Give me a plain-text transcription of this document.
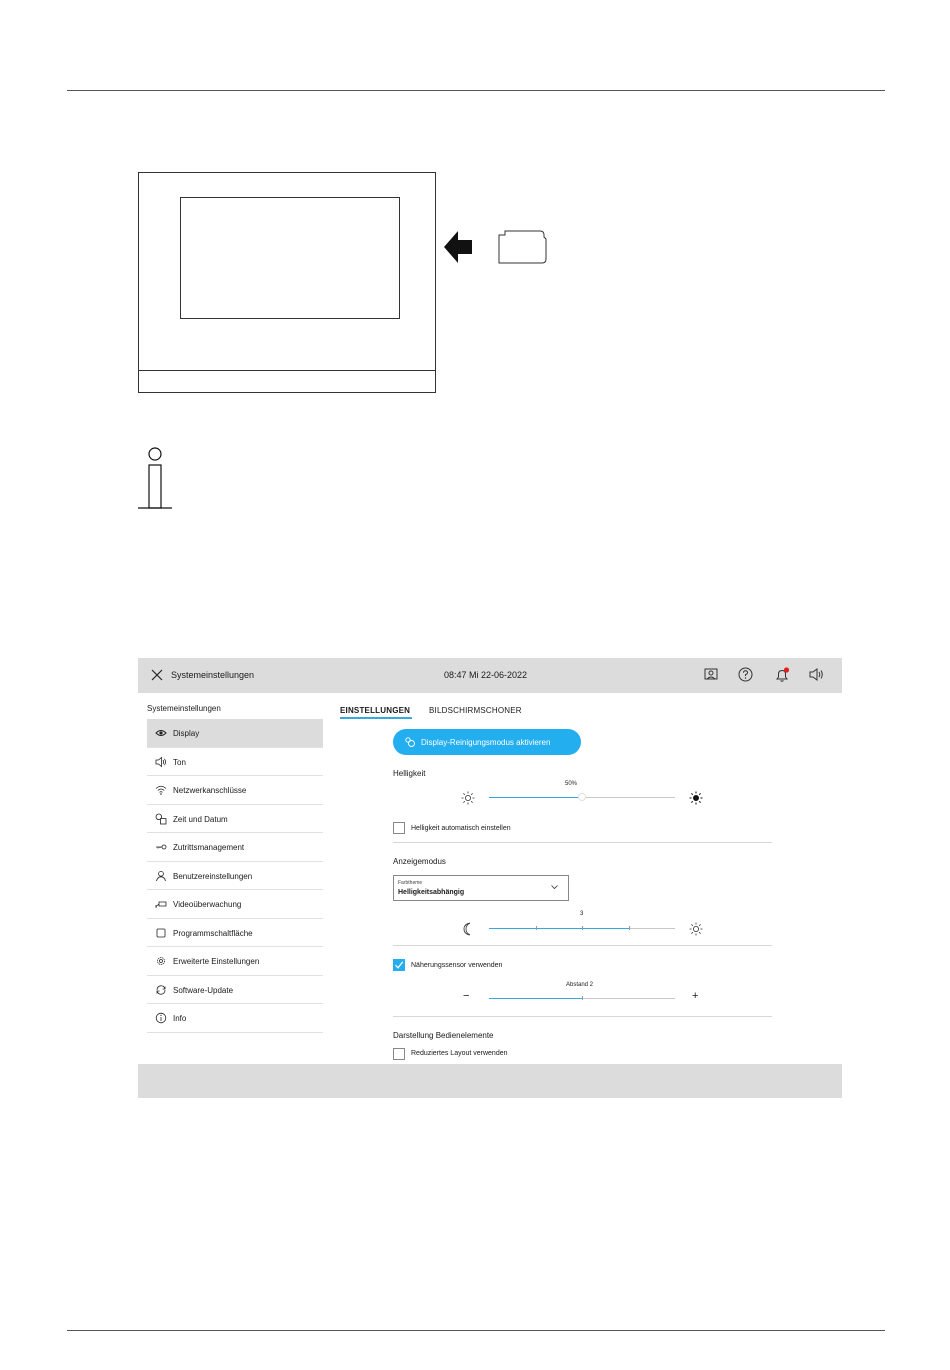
Systemeinstellungen	08:47 Mi 22-06-2022
Systemeinstellungen
Display
Ton
Netzwerkanschlüsse
Zeit und Datum
Zutrittsmanagement
Benutzereinstellungen
Videoüberwachung
Programmschaltfläche
Erweiterte Einstellungen
Software-Update
Info
EINSTELLUNGEN BILDSCHIRMSCHONER
Display-Reinigungsmodus aktivieren
Helligkeit
50%
Helligkeit automatisch einstellen
Anzeigemodus
Farbtheme
Helligkeitsabhängig
3
Näherungssensor verwenden
Abstand 2
−	+
Darstellung Bedienelemente
Reduziertes Layout verwenden
